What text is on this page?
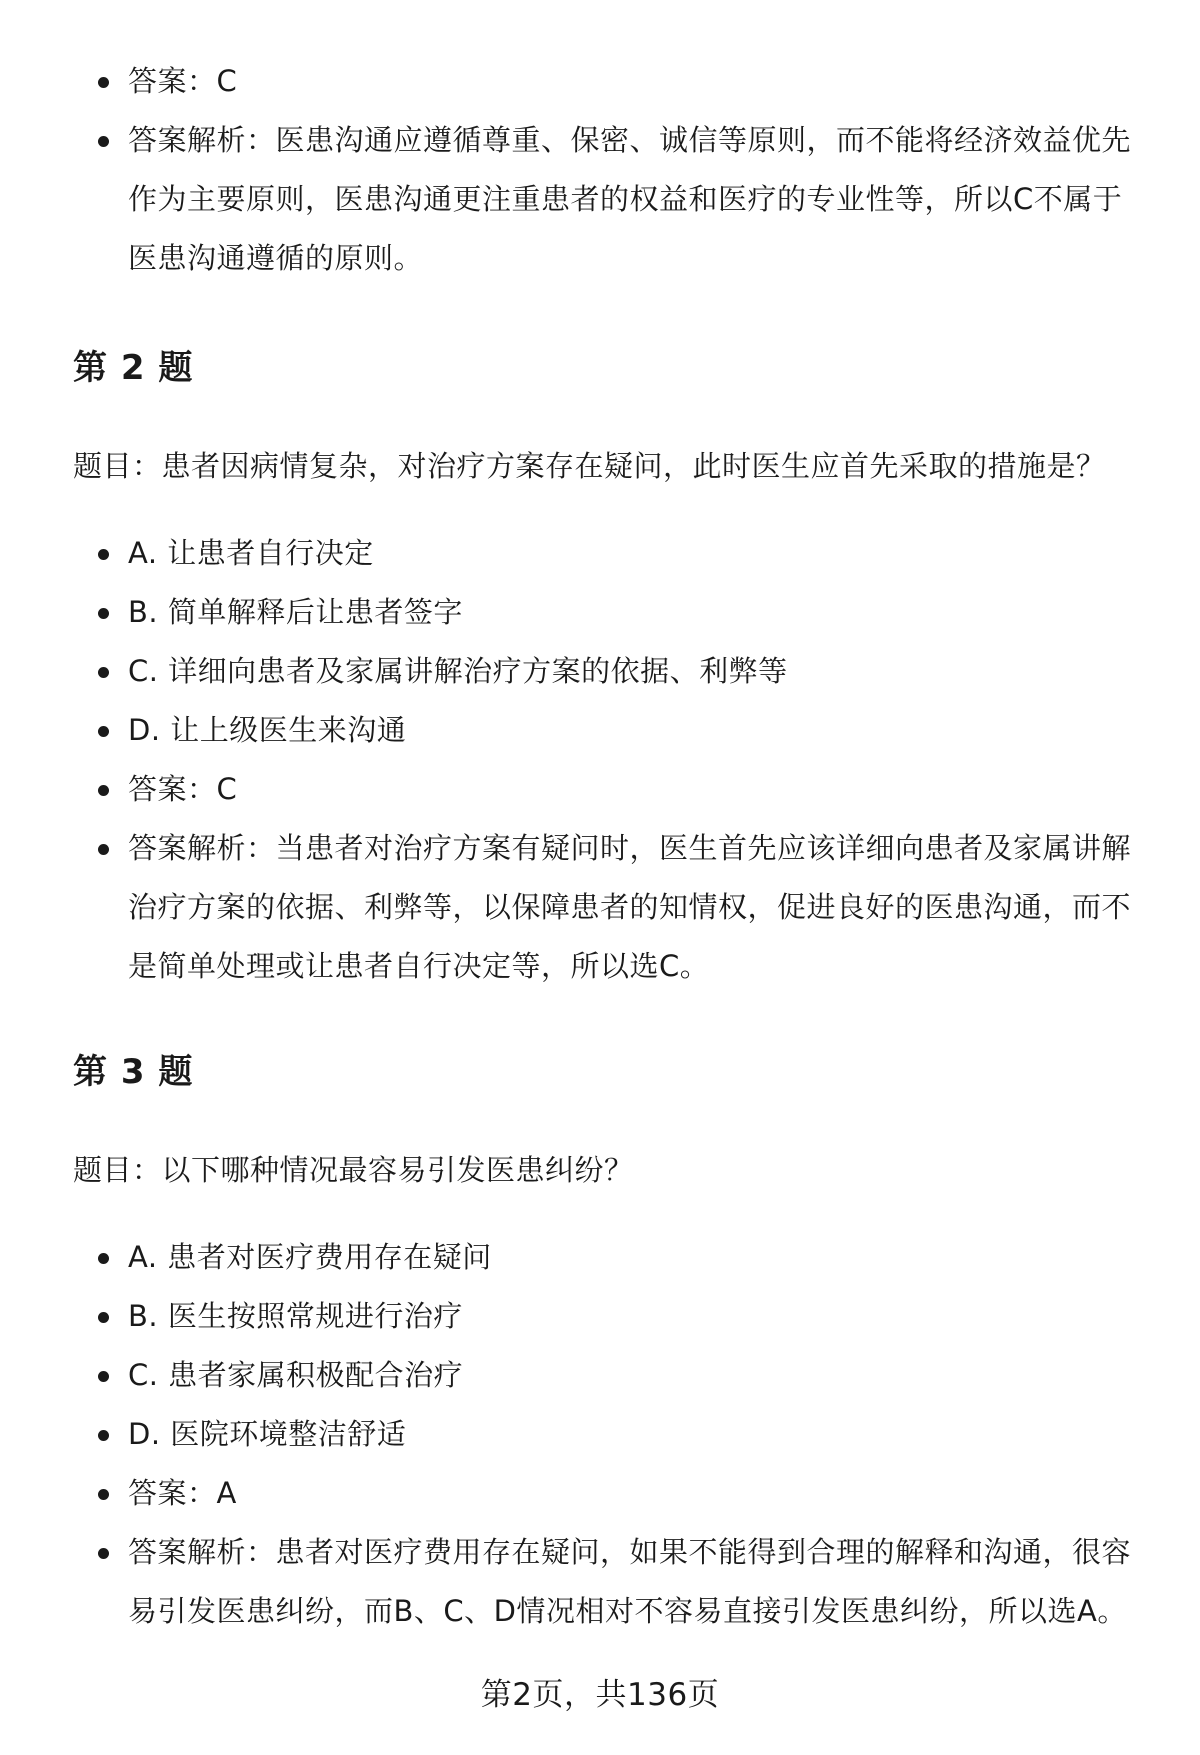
答案：C
答案解析：医患沟通应遵循尊重、保密、诚信等原则，而不能将经济效益优先作为主要原则，医患沟通更注重患者的权益和医疗的专业性等，所以C不属于医患沟通遵循的原则。
第 2 题
题目：患者因病情复杂，对治疗方案存在疑问，此时医生应首先采取的措施是？
A. 让患者自行决定
B. 简单解释后让患者签字
C. 详细向患者及家属讲解治疗方案的依据、利弊等
D. 让上级医生来沟通
答案：C
答案解析：当患者对治疗方案有疑问时，医生首先应该详细向患者及家属讲解治疗方案的依据、利弊等，以保障患者的知情权，促进良好的医患沟通，而不是简单处理或让患者自行决定等，所以选C。
第 3 题
题目：以下哪种情况最容易引发医患纠纷？
A. 患者对医疗费用存在疑问
B. 医生按照常规进行治疗
C. 患者家属积极配合治疗
D. 医院环境整洁舒适
答案：A
答案解析：患者对医疗费用存在疑问，如果不能得到合理的解释和沟通，很容易引发医患纠纷，而B、C、D情况相对不容易直接引发医患纠纷，所以选A。
第2页，共136页
